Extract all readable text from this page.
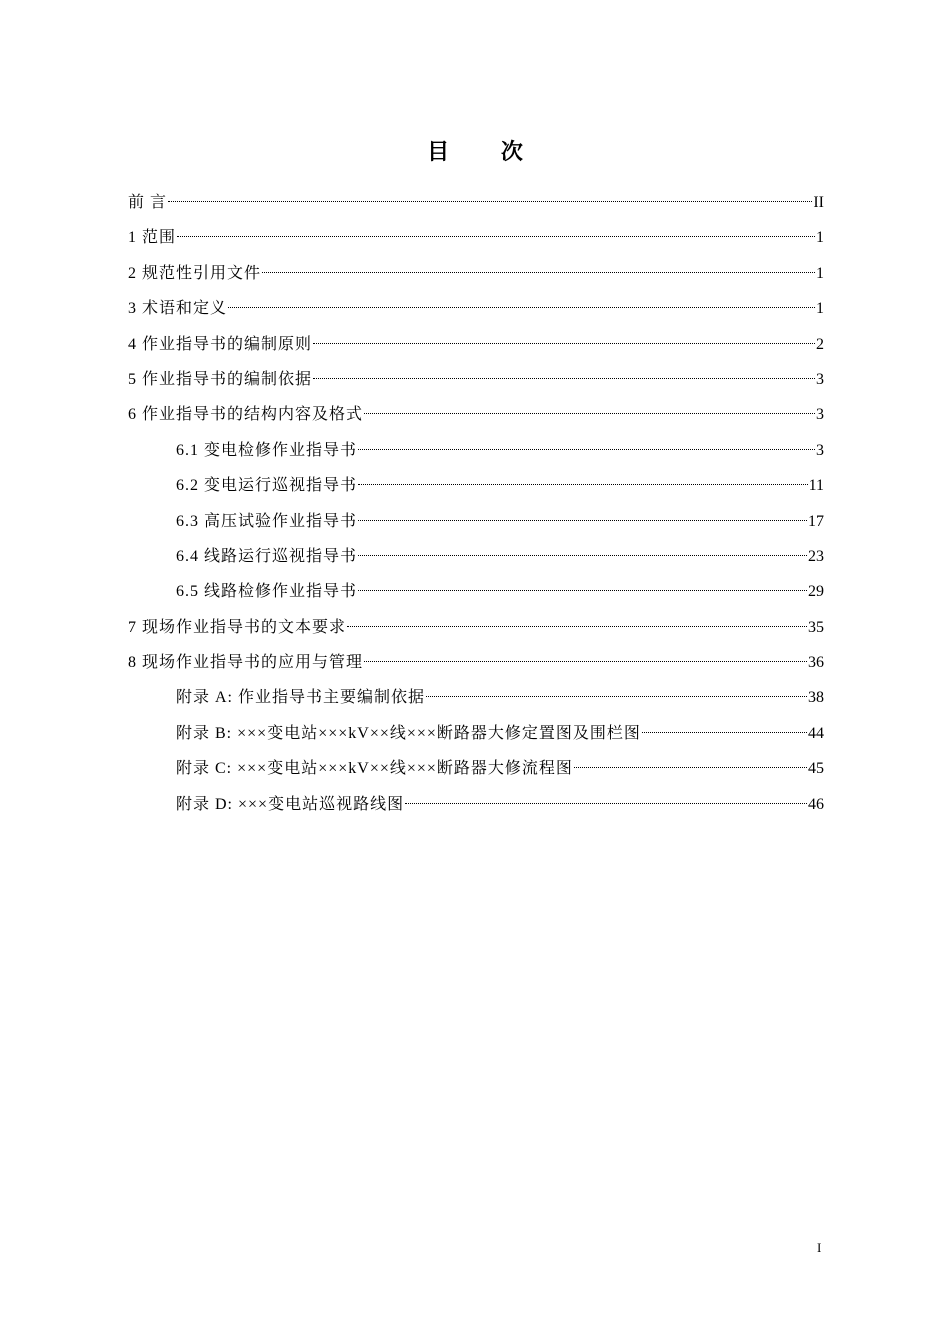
目 次
前 言	II
1 范围	1
2 规范性引用文件	1
3 术语和定义	1
4 作业指导书的编制原则	2
5 作业指导书的编制依据	3
6 作业指导书的结构内容及格式	3
6.1 变电检修作业指导书	3
6.2 变电运行巡视指导书	11
6.3 高压试验作业指导书	17
6.4 线路运行巡视指导书	23
6.5 线路检修作业指导书	29
7 现场作业指导书的文本要求	35
8 现场作业指导书的应用与管理	36
附录 A: 作业指导书主要编制依据	38
附录 B: ×××变电站×××kV××线×××断路器大修定置图及围栏图	44
附录 C: ×××变电站×××kV××线×××断路器大修流程图	45
附录 D: ×××变电站巡视路线图	46
I
